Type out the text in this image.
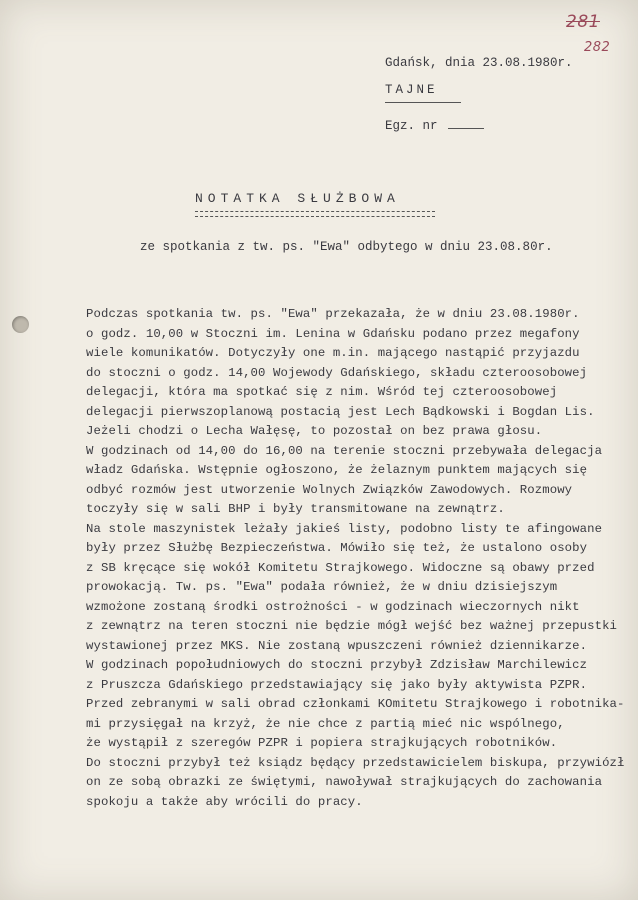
281
282
Gdańsk, dnia 23.08.1980r.
TAJNE
Egz. nr
NOTATKA SŁUŻBOWA
ze spotkania z tw. ps. "Ewa" odbytego w dniu 23.08.80r.
Podczas spotkania tw. ps. "Ewa" przekazała, że w dniu 23.08.1980r.
o godz. 10,00 w Stoczni im. Lenina w Gdańsku podano przez megafony
wiele komunikatów. Dotyczyły one m.in. mającego nastąpić przyjazdu
do stoczni o godz. 14,00 Wojewody Gdańskiego, składu czteroosobowej
delegacji, która ma spotkać się z nim. Wśród tej czteroosobowej
delegacji pierwszoplanową postacią jest Lech Bądkowski i Bogdan Lis.
Jeżeli chodzi o Lecha Wałęsę, to pozostał on bez prawa głosu.
W godzinach od 14,00 do 16,00 na terenie stoczni przebywała delegacja
władz Gdańska. Wstępnie ogłoszono, że żelaznym punktem mających się
odbyć rozmów jest utworzenie Wolnych Związków Zawodowych. Rozmowy
toczyły się w sali BHP i były transmitowane na zewnątrz.
Na stole maszynistek leżały jakieś listy, podobno listy te afingowane
były przez Służbę Bezpieczeństwa. Mówiło się też, że ustalono osoby
z SB kręcące się wokół Komitetu Strajkowego. Widoczne są obawy przed
prowokacją. Tw. ps. "Ewa" podała również, że w dniu dzisiejszym
wzmożone zostaną środki ostrożności - w godzinach wieczornych nikt
z zewnątrz na teren stoczni nie będzie mógł wejść bez ważnej przepustki
wystawionej przez MKS. Nie zostaną wpuszczeni również dziennikarze.
W godzinach popołudniowych do stoczni przybył Zdzisław Marchilewicz
z Pruszcza Gdańskiego przedstawiający się jako były aktywista PZPR.
Przed zebranymi w sali obrad członkami KOmitetu Strajkowego i robotnika-
mi przysięgał na krzyż, że nie chce z partią mieć nic wspólnego,
że wystąpił z szeregów PZPR i popiera strajkujących robotników.
Do stoczni przybył też ksiądz będący przedstawicielem biskupa, przywiózł
on ze sobą obrazki ze świętymi, nawoływał strajkujących do zachowania
spokoju a także aby wrócili do pracy.
